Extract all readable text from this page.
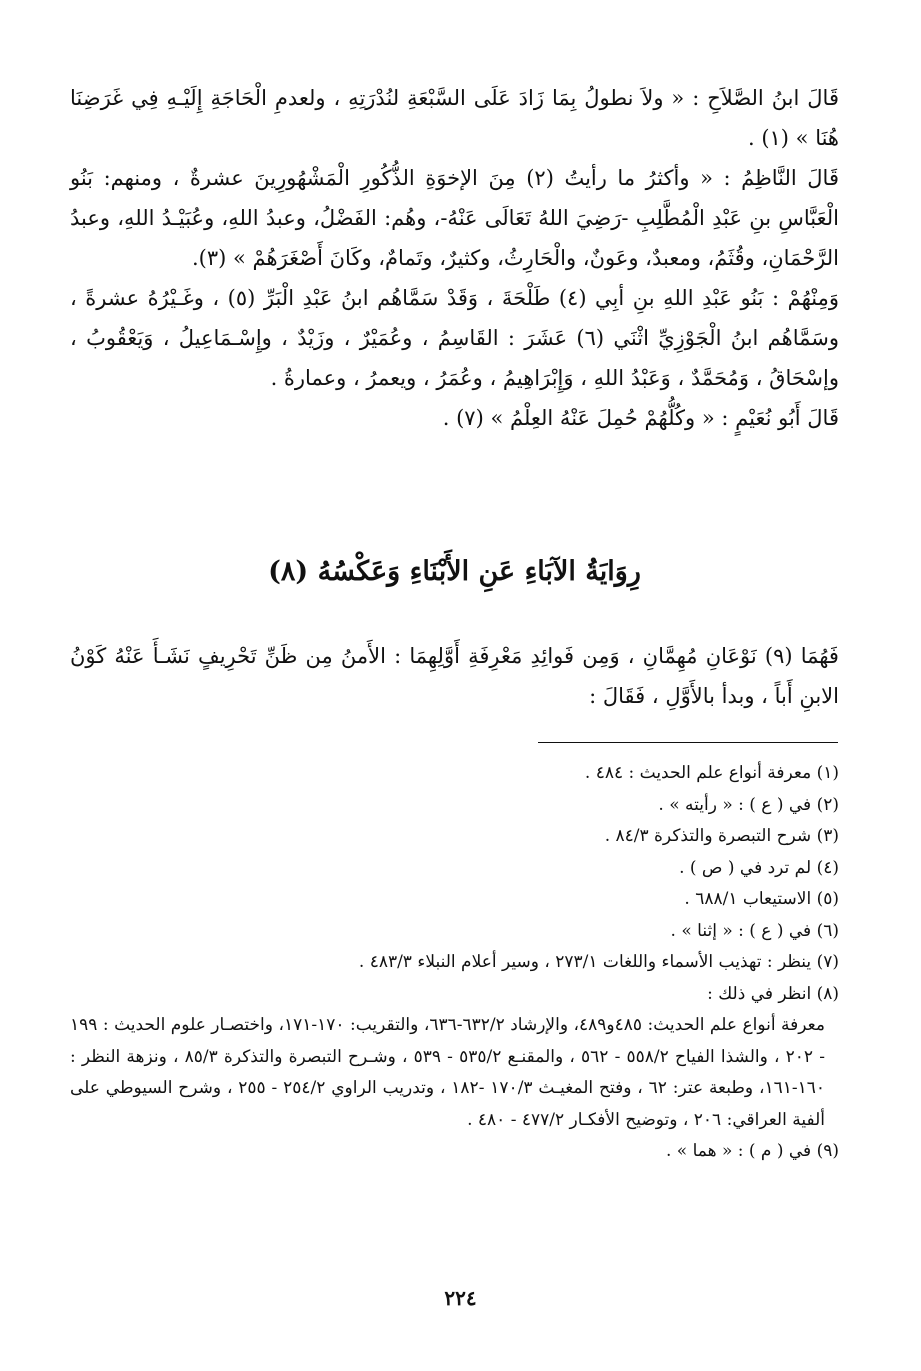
قَالَ ابنُ الصَّلاَحِ : « ولاَ نطولُ بِمَا زَادَ عَلَى السَّبْعَةِ لنُدْرَتِهِ ، ولعدمِ الْحَاجَةِ إِلَيْـهِ فِي غَرَضِنَا هُنَا » (١) .

قَالَ النَّاظِمُ : « وأكثرُ ما رأيتُ (٢) مِنَ الإخوَةِ الذُّكُورِ الْمَشْهُورِينَ عشرةٌ ، ومنهم: بَنُو الْعَبَّاسِ بنِ عَبْدِ الْمُطَّلِبِ -رَضِيَ اللهُ تَعَالَى عَنْهُ-، وهُم: الفَضْلُ، وعبدُ اللهِ، وعُبَيْـدُ اللهِ، وعبدُ الرَّحْمَانِ، وقُثَمُ، ومعبدٌ، وعَونٌ، والْحَارِثُ، وكثيرٌ، وتَمامٌ، وكَانَ أَصْغَرَهُمْ » (٣).

وَمِنْهُمْ : بَنُو عَبْدِ اللهِ بنِ أبِي (٤) طَلْحَةَ ، وَقَدْ سَمَّاهُم ابنُ عَبْدِ الْبَرِّ (٥) ، وغَـيْرُهُ عشرةً ، وسَمَّاهُم ابنُ الْجَوْزِيِّ اثْنَي (٦) عَشَرَ : القَاسِمُ ، وعُمَيْرٌ ، وزَيْدٌ ، وإِسْـمَاعِيلُ ، وَيَعْقُوبُ ، وإسْحَاقُ ، وَمُحَمَّدٌ ، وَعَبْدُ اللهِ ، وَإِبْرَاهِيمُ ، وعُمَرُ ، ويعمرُ ، وعمارةُ .

قَالَ أَبُو نُعَيْمٍ : « وكُلُّهُمْ حُمِلَ عَنْهُ العِلْمُ » (٧) .

رِوَايَةُ الآبَاءِ عَنِ الأَبْنَاءِ وَعَكْسُهُ (٨)

فَهُمَا (٩) نَوْعَانِ مُهِمَّانِ ، وَمِن فَوائِدِ مَعْرِفَةِ أَوَّلِهِمَا : الأَمنُ مِن ظَنِّ تَحْرِيفٍ نَشَـأَ عَنْهُ كَوْنُ الابنِ أَباً ، وبدأ بالأَوَّلِ ، فَقَالَ :

(١) معرفة أنواع علم الحديث : ٤٨٤ .

(٢) في ( ع ) : « رأيته » .

(٣) شرح التبصرة والتذكرة ٨٤/٣ .

(٤) لم ترد في ( ص ) .

(٥) الاستيعاب ٦٨٨/١ .

(٦) في ( ع ) : « إثنا » .

(٧) ينظر : تهذيب الأسماء واللغات ٢٧٣/١ ، وسير أعلام النبلاء ٤٨٣/٣ .

(٨) انظر في ذلك :

معرفة أنواع علم الحديث: ٤٨٥و٤٨٩، والإرشاد ٦٣٢/٢-٦٣٦، والتقريب: ١٧٠-١٧١، واختصـار علوم الحديث : ١٩٩ - ٢٠٢ ، والشذا الفياح ٥٥٨/٢ - ٥٦٢ ، والمقنـع ٥٣٥/٢ - ٥٣٩ ، وشـرح التبصرة والتذكرة ٨٥/٣ ، ونزهة النظر : ١٦٠-١٦١، وطبعة عتر: ٦٢ ، وفتح المغيـث ١٧٠/٣ -١٨٢ ، وتدريب الراوي ٢٥٤/٢ - ٢٥٥ ، وشرح السيوطي على ألفية العراقي: ٢٠٦ ، وتوضيح الأفكـار ٤٧٧/٢ - ٤٨٠ .

(٩) في ( م ) : « هما » .

٢٢٤
